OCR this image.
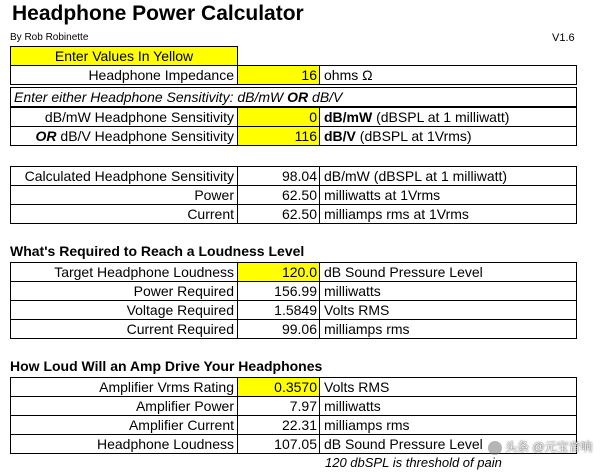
Headphone Power Calculator
By Rob Robinette	V1.6
Enter Values In Yellow
Headphone Impedance	16 ohms Ω
Enter either Headphone Sensitivity: dB/mW OR dB/V
dB/mW Headphone Sensitivity	0 dB/mW (dBSPL at 1 milliwatt)
OR dB/V Headphone Sensitivity	116 dB/V (dBSPL at 1Vrms)
Calculated Headphone Sensitivity	98.04 dB/mW (dBSPL at 1 milliwatt)
Power	62.50 milliwatts at 1Vrms
Current	62.50 milliamps rms at 1Vrms
What's Required to Reach a Loudness Level
Target Headphone Loudness	120.0 dB Sound Pressure Level
Power Required	156.99 milliwatts
Voltage Required	1.5849 Volts RMS
Current Required	99.06 milliamps rms
How Loud Will an Amp Drive Your Headphones
Amplifier Vrms Rating	0.3570 Volts RMS
Amplifier Power	7.97 milliwatts
Amplifier Current	22.31 milliamps rms
Headphone Loudness	107.05 dB Sound Pressure Level
120 dbSPL is threshold of pain
头条 @元宝音响
